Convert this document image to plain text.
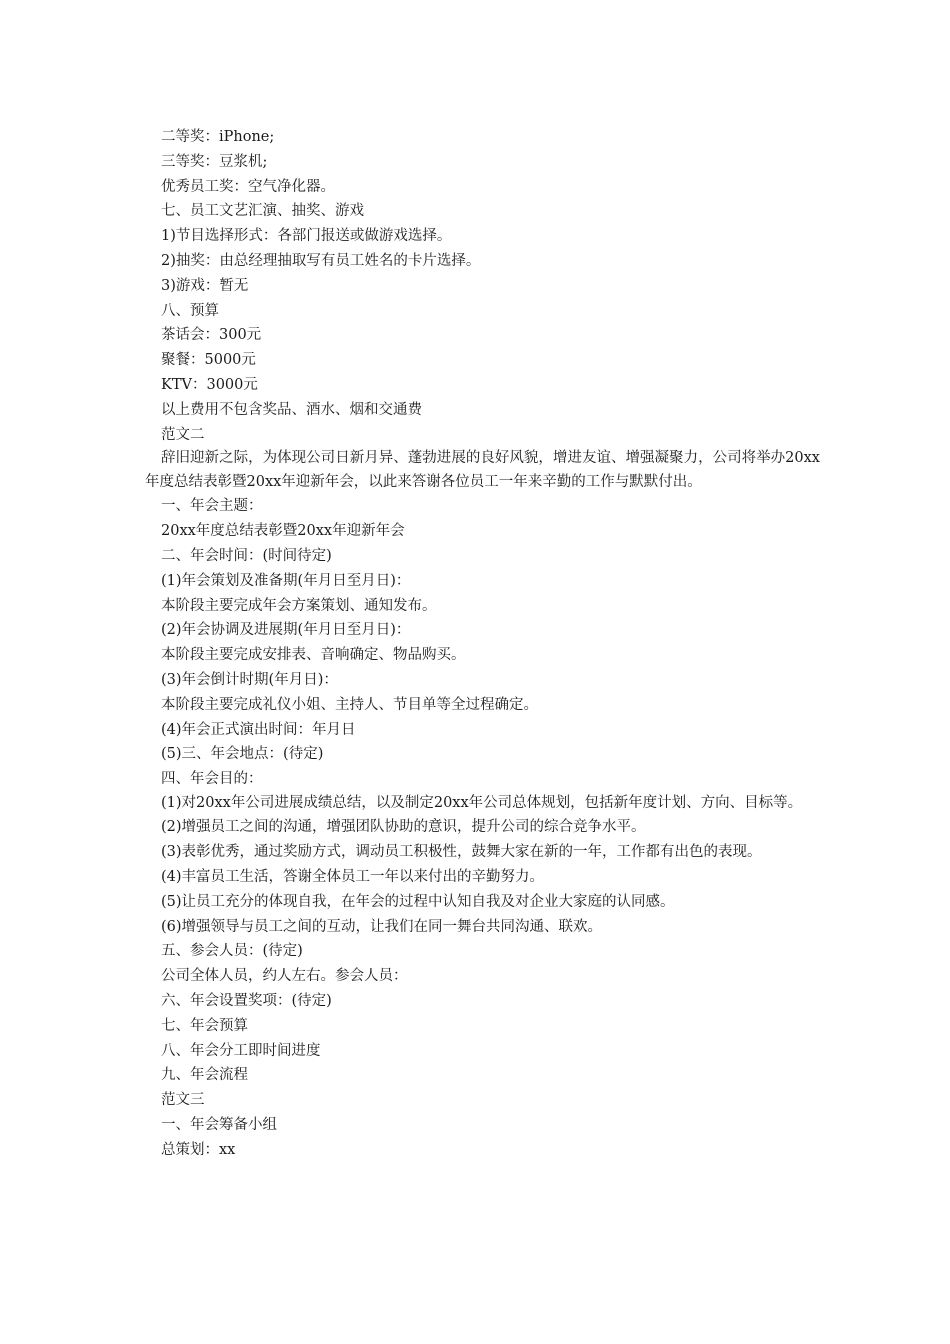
二等奖：iPhone;
三等奖：豆浆机;
优秀员工奖：空气净化器。
七、员工文艺汇演、抽奖、游戏
1)节目选择形式：各部门报送或做游戏选择。
2)抽奖：由总经理抽取写有员工姓名的卡片选择。
3)游戏：暂无
八、预算
茶话会：300元
聚餐：5000元
KTV：3000元
以上费用不包含奖品、酒水、烟和交通费
范文二
辞旧迎新之际，为体现公司日新月异、蓬勃进展的良好风貌，增进友谊、增强凝聚力，公司将举办20xx年度总结表彰暨20xx年迎新年会，以此来答谢各位员工一年来辛勤的工作与默默付出。
一、年会主题：
20xx年度总结表彰暨20xx年迎新年会
二、年会时间：(时间待定)
(1)年会策划及准备期(年月日至月日)：
本阶段主要完成年会方案策划、通知发布。
(2)年会协调及进展期(年月日至月日)：
本阶段主要完成安排表、音响确定、物品购买。
(3)年会倒计时期(年月日)：
本阶段主要完成礼仪小姐、主持人、节目单等全过程确定。
(4)年会正式演出时间：年月日
(5)三、年会地点：(待定)
四、年会目的：
(1)对20xx年公司进展成绩总结，以及制定20xx年公司总体规划，包括新年度计划、方向、目标等。
(2)增强员工之间的沟通，增强团队协助的意识，提升公司的综合竞争水平。
(3)表彰优秀，通过奖励方式，调动员工积极性，鼓舞大家在新的一年，工作都有出色的表现。
(4)丰富员工生活，答谢全体员工一年以来付出的辛勤努力。
(5)让员工充分的体现自我，在年会的过程中认知自我及对企业大家庭的认同感。
(6)增强领导与员工之间的互动，让我们在同一舞台共同沟通、联欢。
五、参会人员：(待定)
公司全体人员，约人左右。参会人员：
六、年会设置奖项：(待定)
七、年会预算
八、年会分工即时间进度
九、年会流程
范文三
一、年会筹备小组
总策划：xx
